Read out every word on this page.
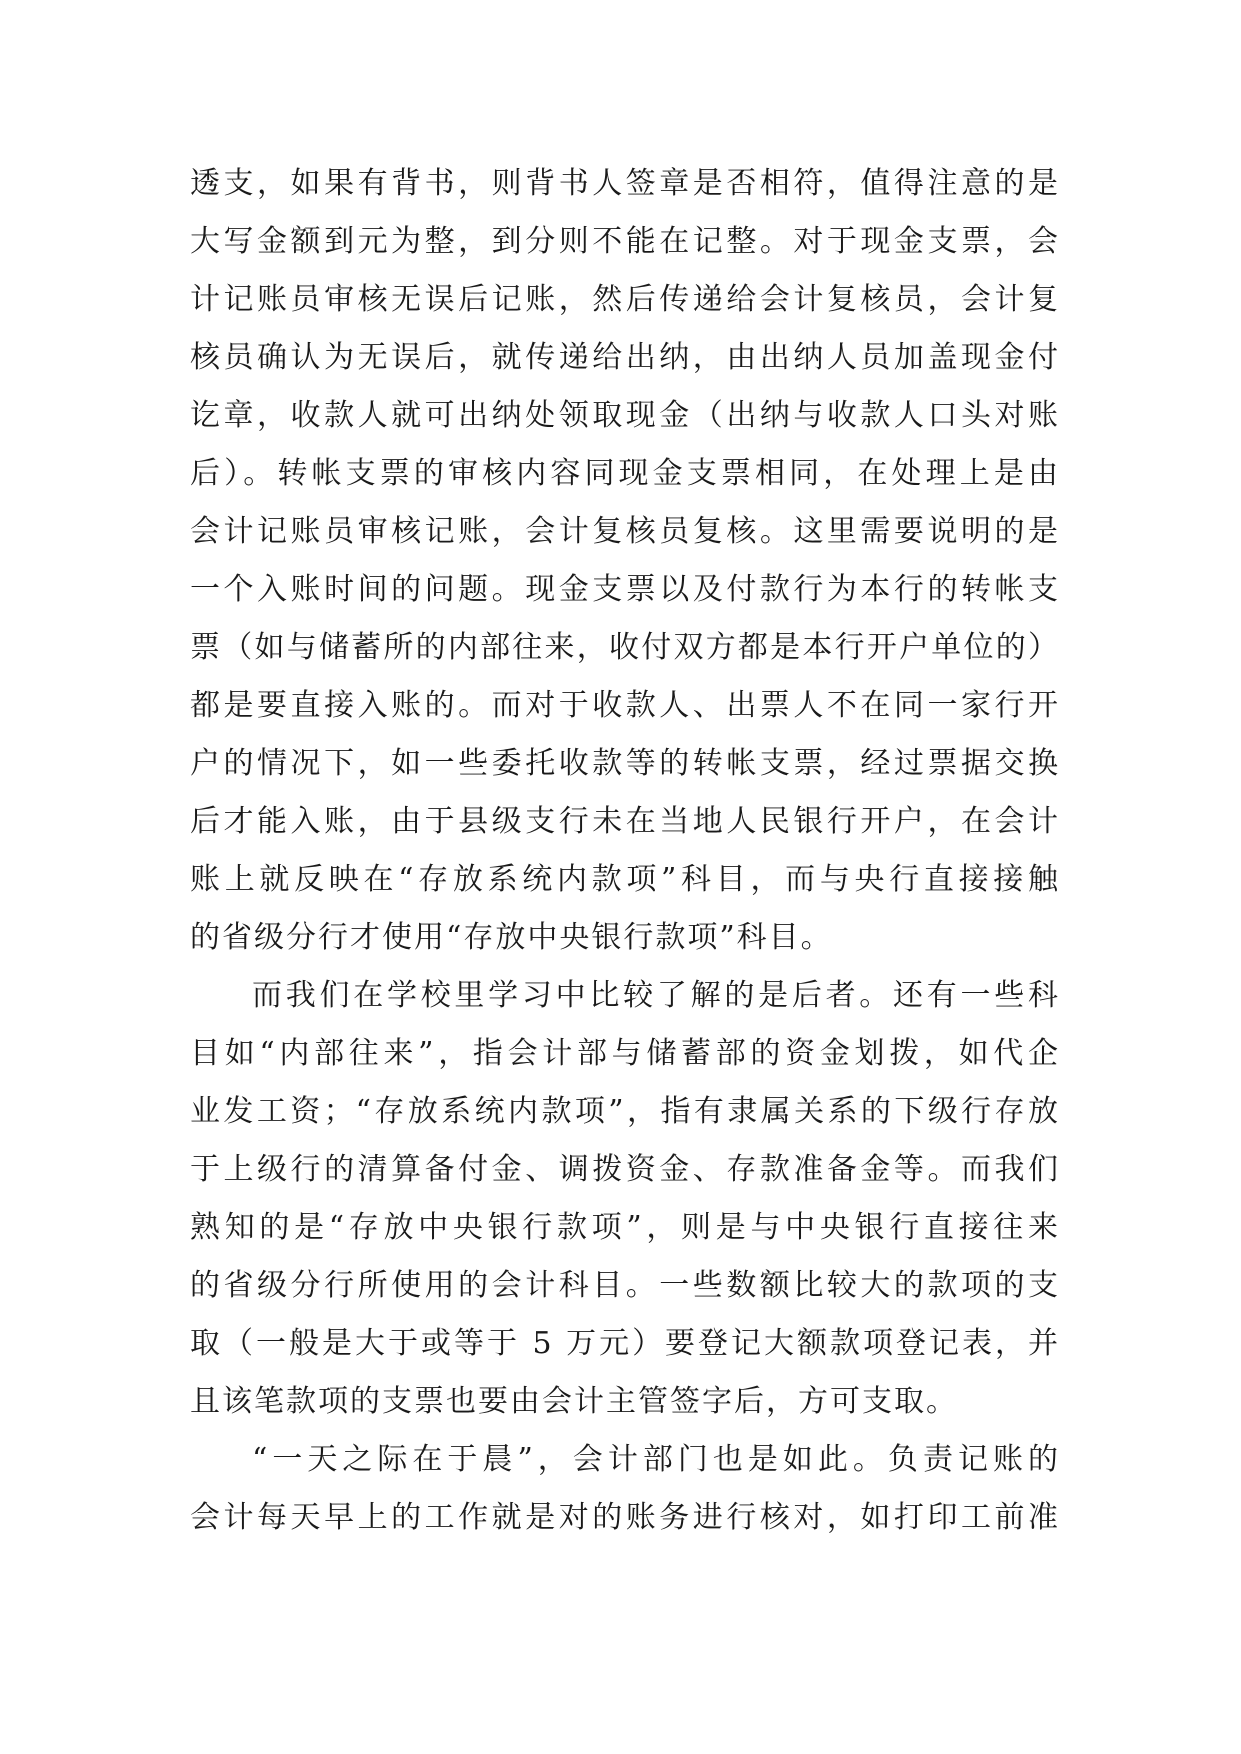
透支，如果有背书，则背书人签章是否相符，值得注意的是
大写金额到元为整，到分则不能在记整。对于现金支票，会
计记账员审核无误后记账，然后传递给会计复核员，会计复
核员确认为无误后，就传递给出纳，由出纳人员加盖现金付
讫章，收款人就可出纳处领取现金（出纳与收款人口头对账
后）。转帐支票的审核内容同现金支票相同，在处理上是由
会计记账员审核记账，会计复核员复核。这里需要说明的是
一个入账时间的问题。现金支票以及付款行为本行的转帐支
票（如与储蓄所的内部往来，收付双方都是本行开户单位的）
都是要直接入账的。而对于收款人、出票人不在同一家行开
户的情况下，如一些委托收款等的转帐支票，经过票据交换
后才能入账，由于县级支行未在当地人民银行开户，在会计
账上就反映在“存放系统内款项”科目，而与央行直接接触
的省级分行才使用“存放中央银行款项”科目。
而我们在学校里学习中比较了解的是后者。还有一些科
目如“内部往来”，指会计部与储蓄部的资金划拨，如代企
业发工资；“存放系统内款项”，指有隶属关系的下级行存放
于上级行的清算备付金、调拨资金、存款准备金等。而我们
熟知的是“存放中央银行款项”，则是与中央银行直接往来
的省级分行所使用的会计科目。一些数额比较大的款项的支
取（一般是大于或等于 5 万元）要登记大额款项登记表，并
且该笔款项的支票也要由会计主管签字后，方可支取。
“一天之际在于晨”，会计部门也是如此。负责记账的
会计每天早上的工作就是对的账务进行核对，如打印工前准
